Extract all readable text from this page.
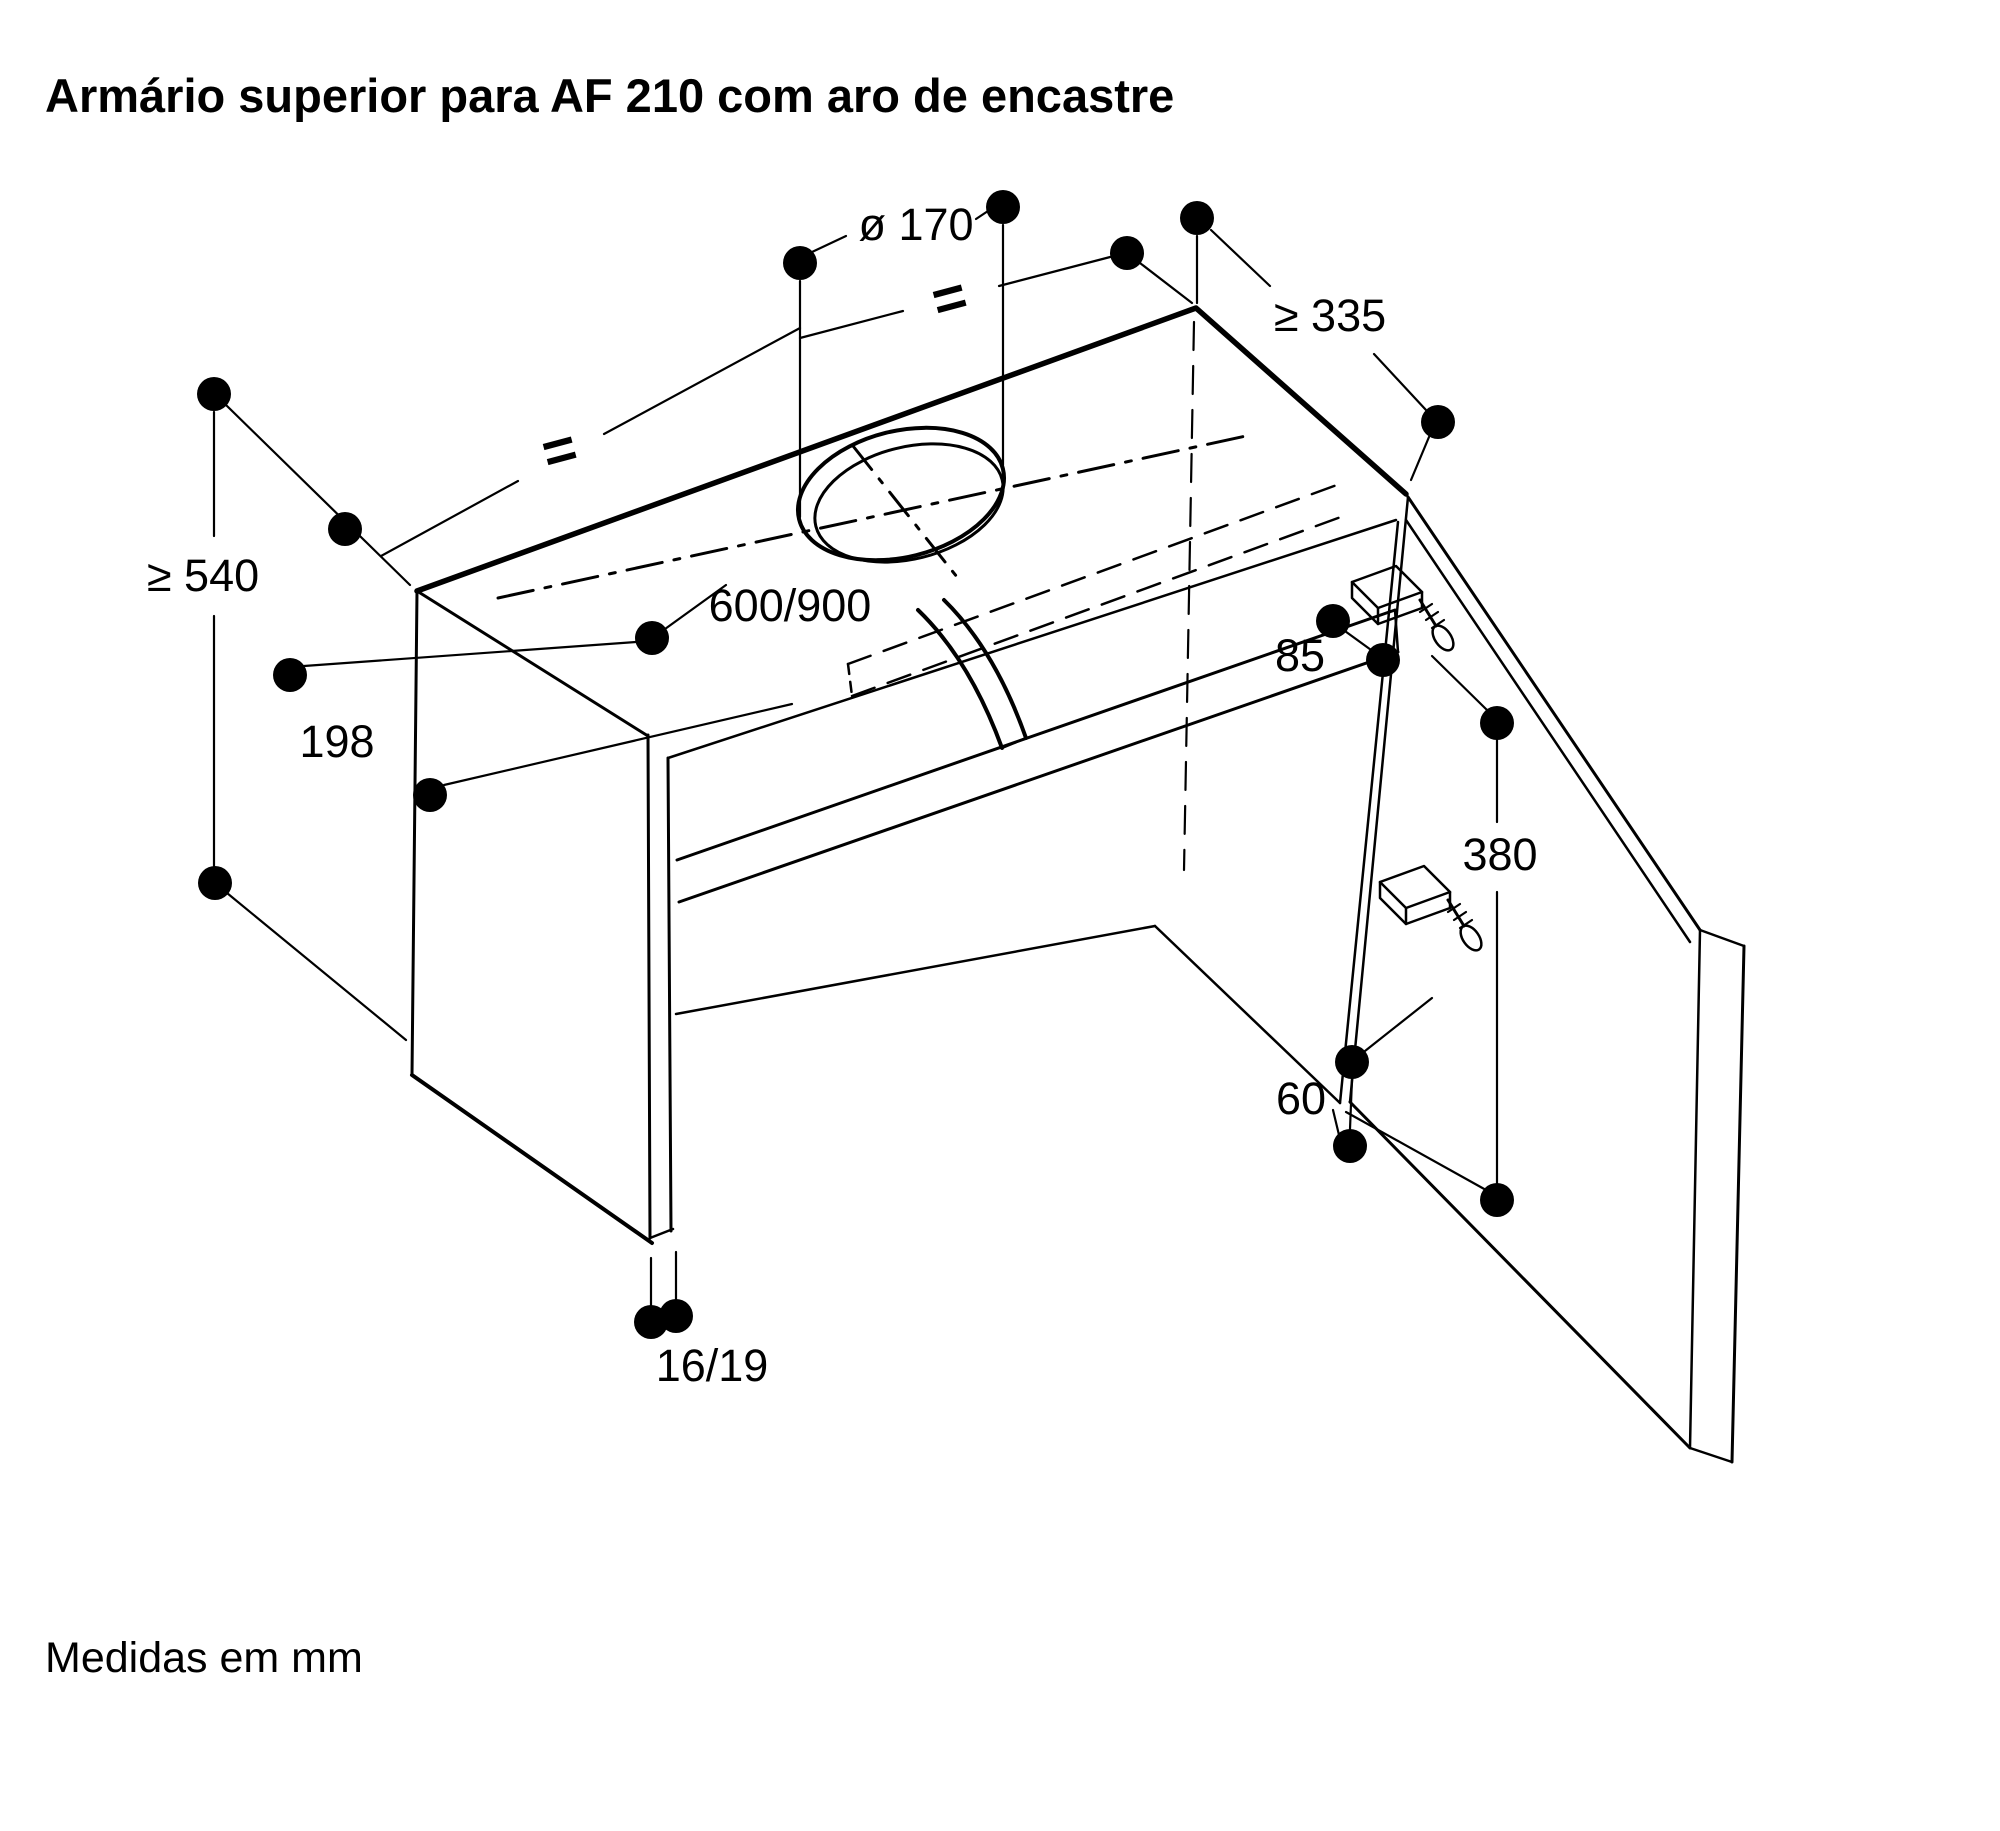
Armário superior para AF 210 com aro de encastre
Medidas em mm
ø 170
=
=	≥ 335
≥ 540
198
600/900
85
380
60
16/19
